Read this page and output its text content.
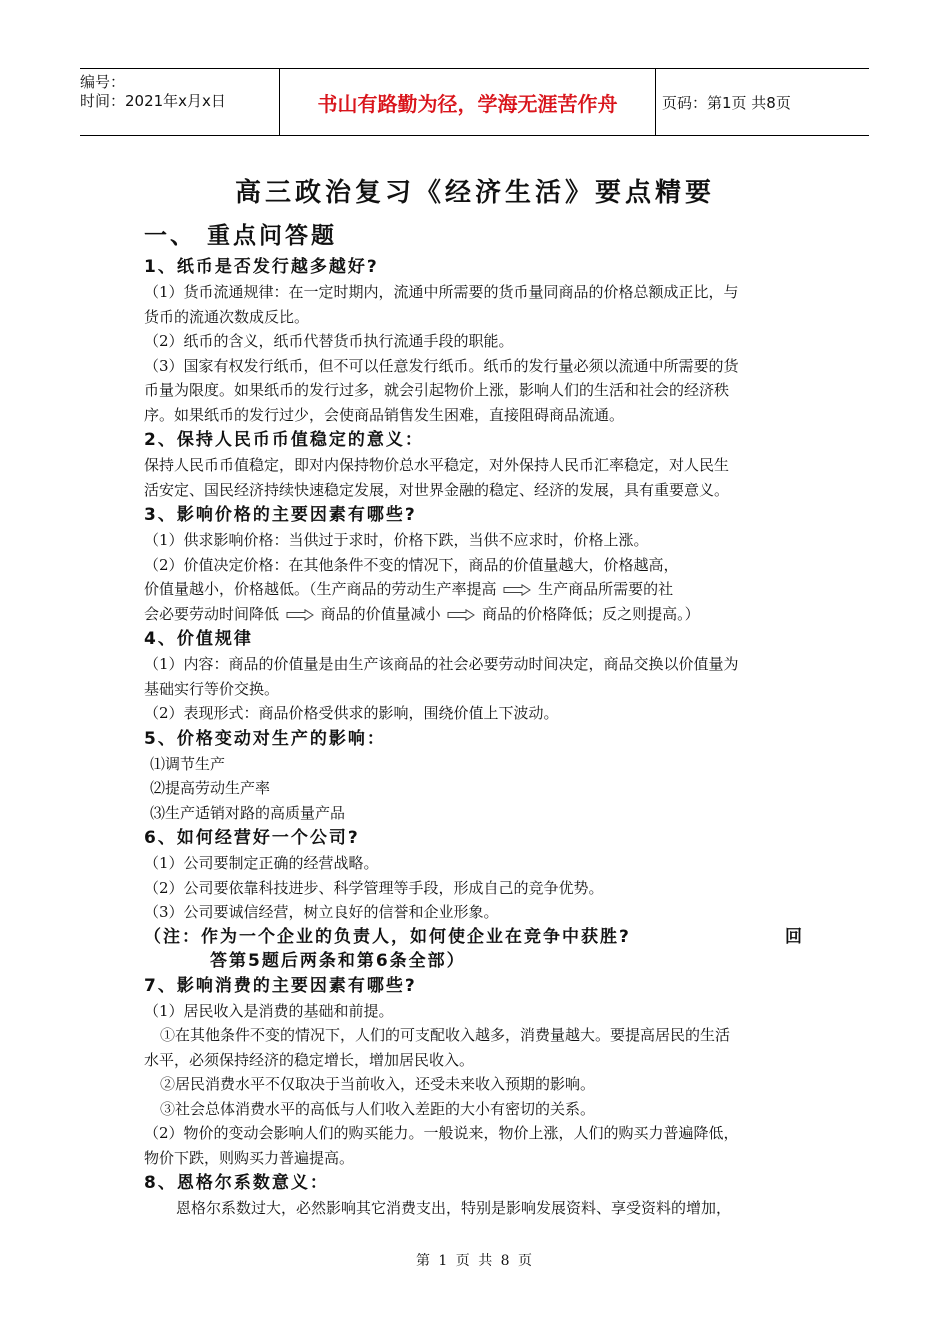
编号：
时间：2021年x月x日	书山有路勤为径，学海无涯苦作舟	页码：第1页 共8页
高三政治复习《经济生活》要点精要
一、 重点问答题
1、纸币是否发行越多越好?
（1）货币流通规律：在一定时期内，流通中所需要的货币量同商品的价格总额成正比，与
货币的流通次数成反比。
（2）纸币的含义，纸币代替货币执行流通手段的职能。
（3）国家有权发行纸币，但不可以任意发行纸币。纸币的发行量必须以流通中所需要的货
币量为限度。如果纸币的发行过多，就会引起物价上涨，影响人们的生活和社会的经济秩
序。如果纸币的发行过少，会使商品销售发生困难，直接阻碍商品流通。
2、保持人民币币值稳定的意义：
保持人民币币值稳定，即对内保持物价总水平稳定，对外保持人民币汇率稳定，对人民生
活安定、国民经济持续快速稳定发展，对世界金融的稳定、经济的发展，具有重要意义。
3、影响价格的主要因素有哪些?
（1）供求影响价格：当供过于求时，价格下跌，当供不应求时，价格上涨。
（2）价值决定价格：在其他条件不变的情况下，商品的价值量越大，价格越高，
价值量越小，价格越低。（生产商品的劳动生产率提高	生产商品所需要的社
会必要劳动时间降低	商品的价值量减小	商品的价格降低；反之则提高。）
4、价值规律
（1）内容：商品的价值量是由生产该商品的社会必要劳动时间决定，商品交换以价值量为
基础实行等价交换。
（2）表现形式：商品价格受供求的影响，围绕价值上下波动。
5、价格变动对生产的影响：
⑴调节生产
⑵提高劳动生产率
⑶生产适销对路的高质量产品
6、如何经营好一个公司?
（1）公司要制定正确的经营战略。
（2）公司要依靠科技进步、科学管理等手段，形成自己的竞争优势。
（3）公司要诚信经营，树立良好的信誉和企业形象。
（注：作为一个企业的负责人，如何使企业在竞争中获胜?	回
答第5题后两条和第6条全部）
7、影响消费的主要因素有哪些?
（1）居民收入是消费的基础和前提。
①在其他条件不变的情况下，人们的可支配收入越多，消费量越大。要提高居民的生活
水平，必须保持经济的稳定增长，增加居民收入。
②居民消费水平不仅取决于当前收入，还受未来收入预期的影响。
③社会总体消费水平的高低与人们收入差距的大小有密切的关系。
（2）物价的变动会影响人们的购买能力。一般说来，物价上涨，人们的购买力普遍降低，
物价下跌，则购买力普遍提高。
8、恩格尔系数意义：
恩格尔系数过大，必然影响其它消费支出，特别是影响发展资料、享受资料的增加，
第 1 页 共 8 页
